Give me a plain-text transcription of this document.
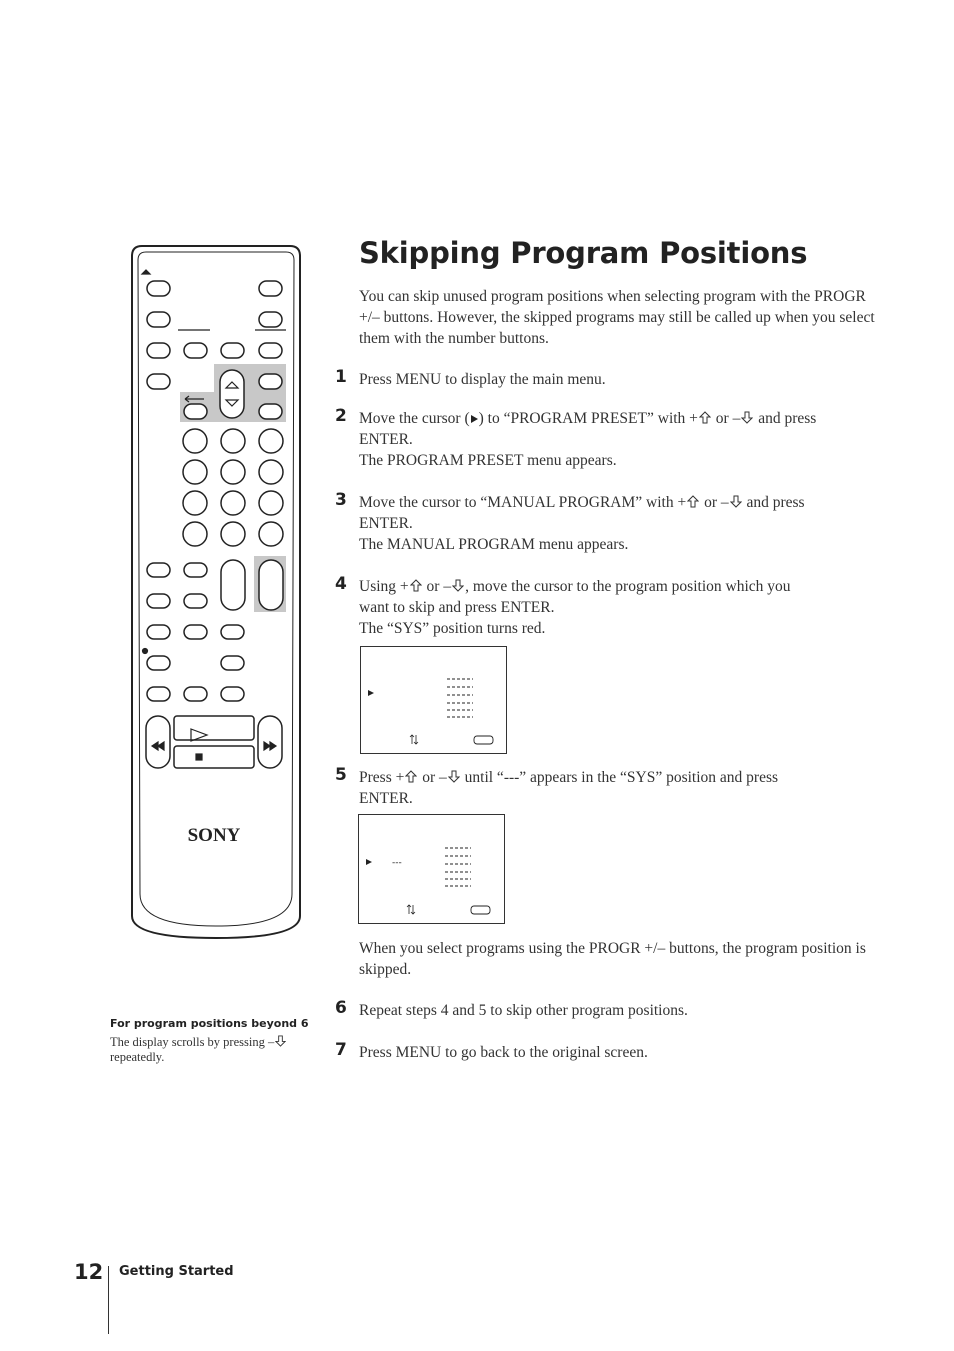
SONY
Skipping Program Positions
You can skip unused program positions when selecting program with the PROGR +/– buttons. However, the skipped programs may still be called up when you select them with the number buttons.
1 Press MENU to display the main menu.
2 Move the cursor ( ) to “PROGRAM PRESET” with + or – and press
ENTER.
The PROGRAM PRESET menu appears.
3 Move the cursor to “MANUAL PROGRAM” with + or – and press
ENTER.
The MANUAL PROGRAM menu appears.
4 Using + or – , move the cursor to the program position which you
want to skip and press ENTER.
The “SYS” position turns red.
5 Press + or – until “---” appears in the “SYS” position and press
ENTER.
---
When you select programs using the PROGR +/– buttons, the program position is skipped.
6 Repeat steps 4 and 5 to skip other program positions.
7 Press MENU to go back to the original screen.
For program positions beyond 6
The display scrolls by pressing –
repeatedly.
12 Getting Started
